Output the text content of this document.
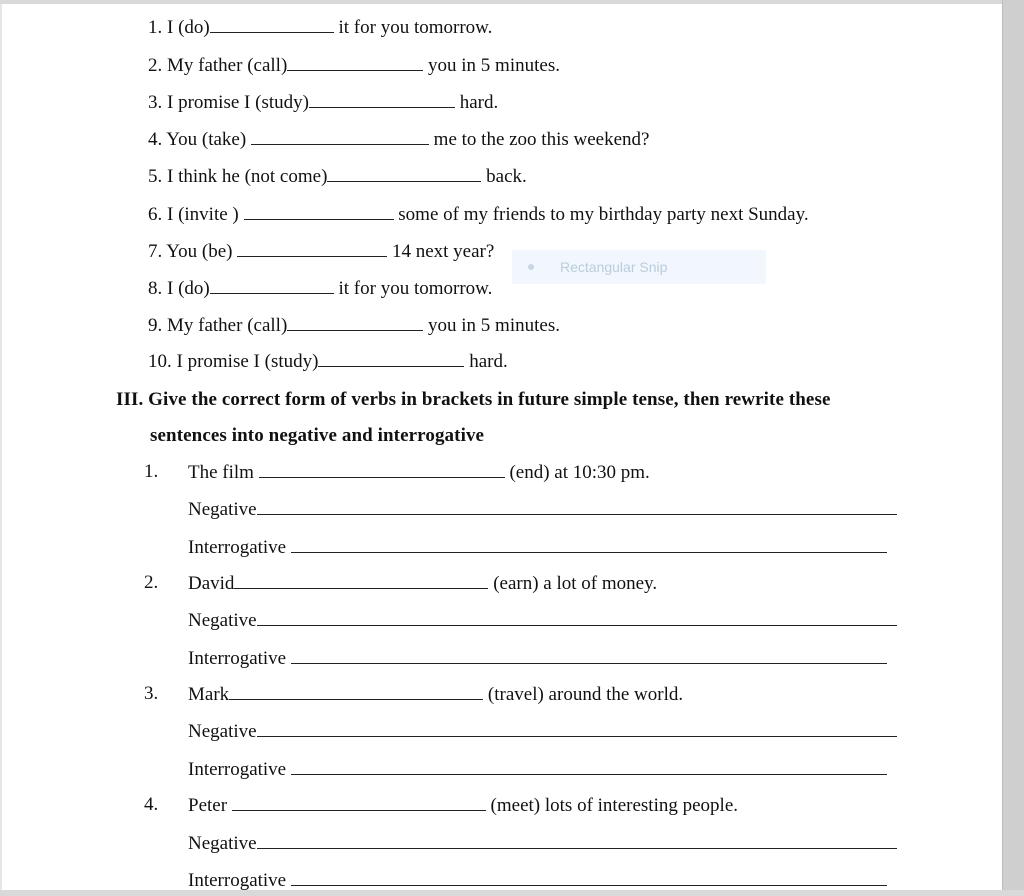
1. I (do)	it for you tomorrow.
2. My father (call)	you in 5 minutes.
3. I promise I (study)	hard.
4. You (take)	me to the zoo this weekend?
5. I think he (not come)	back.
6. I (invite )	some of my friends to my birthday party next Sunday.
7. You (be)	14 next year?
8. I (do)	it for you tomorrow.
9. My father (call)	you in 5 minutes.
10. I promise I (study)	hard.
III. Give the correct form of verbs in brackets in future simple tense, then rewrite these
sentences into negative and interrogative
1. The film	(end) at 10:30 pm.
Negative
Interrogative
2. David	(earn) a lot of money.
Negative
Interrogative
3. Mark	(travel) around the world.
Negative
Interrogative
4. Peter	(meet) lots of interesting people.
Negative
Interrogative
Rectangular Snip
